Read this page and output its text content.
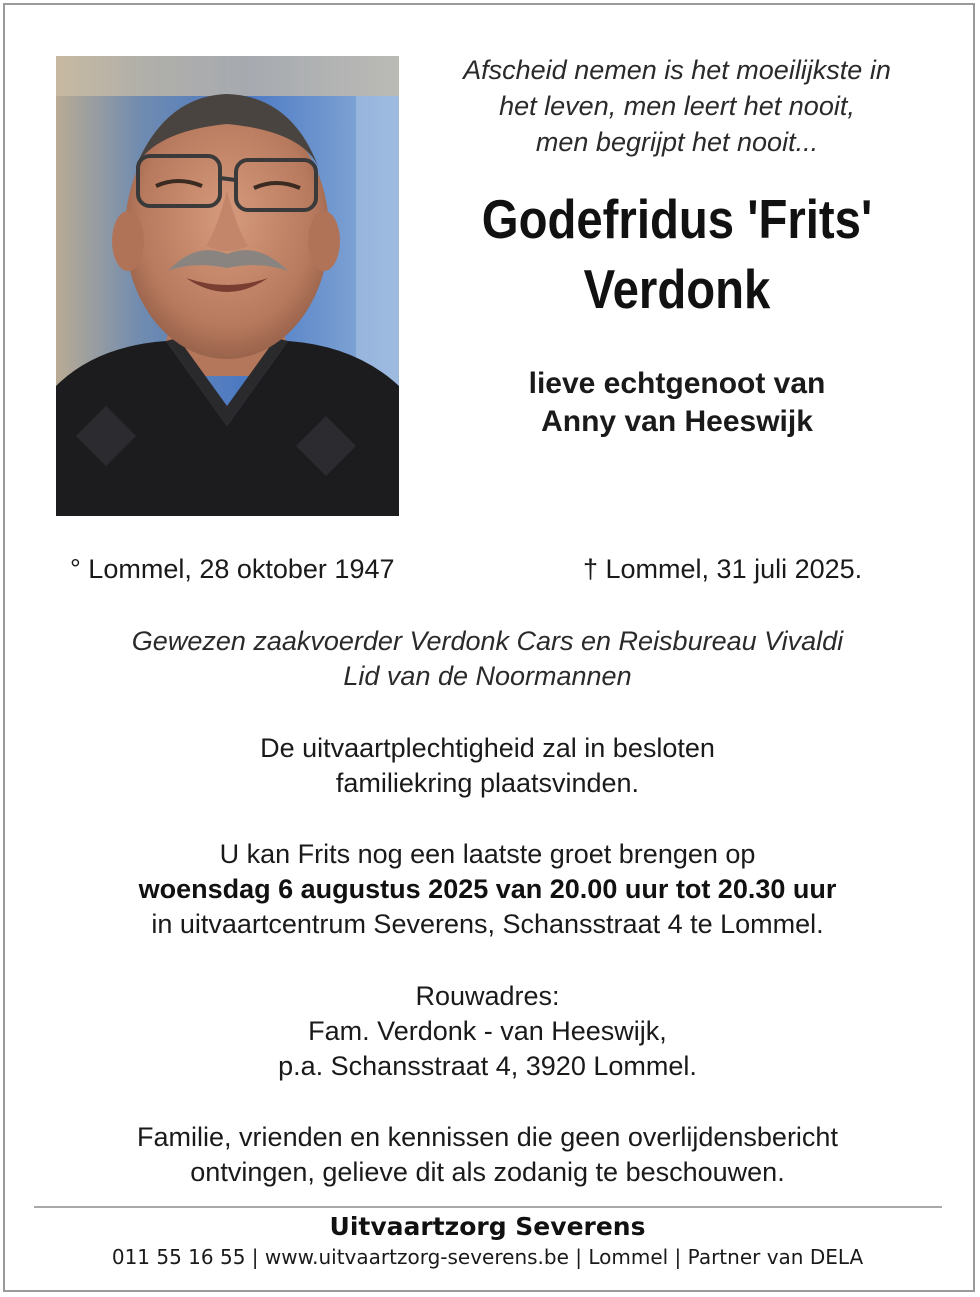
Afscheid nemen is het moeilijkste in
het leven, men leert het nooit,
men begrijpt het nooit...
Godefridus 'Frits'
Verdonk
lieve echtgenoot van
Anny van Heeswijk
° Lommel, 28 oktober 1947	† Lommel, 31 juli 2025.
Gewezen zaakvoerder Verdonk Cars en Reisbureau Vivaldi
Lid van de Noormannen
De uitvaartplechtigheid zal in besloten
familiekring plaatsvinden.
U kan Frits nog een laatste groet brengen op
woensdag 6 augustus 2025 van 20.00 uur tot 20.30 uur
in uitvaartcentrum Severens, Schansstraat 4 te Lommel.
Rouwadres:
Fam. Verdonk - van Heeswijk,
p.a. Schansstraat 4, 3920 Lommel.
Familie, vrienden en kennissen die geen overlijdensbericht
ontvingen, gelieve dit als zodanig te beschouwen.
Uitvaartzorg Severens
011 55 16 55 | www.uitvaartzorg-severens.be | Lommel | Partner van DELA
